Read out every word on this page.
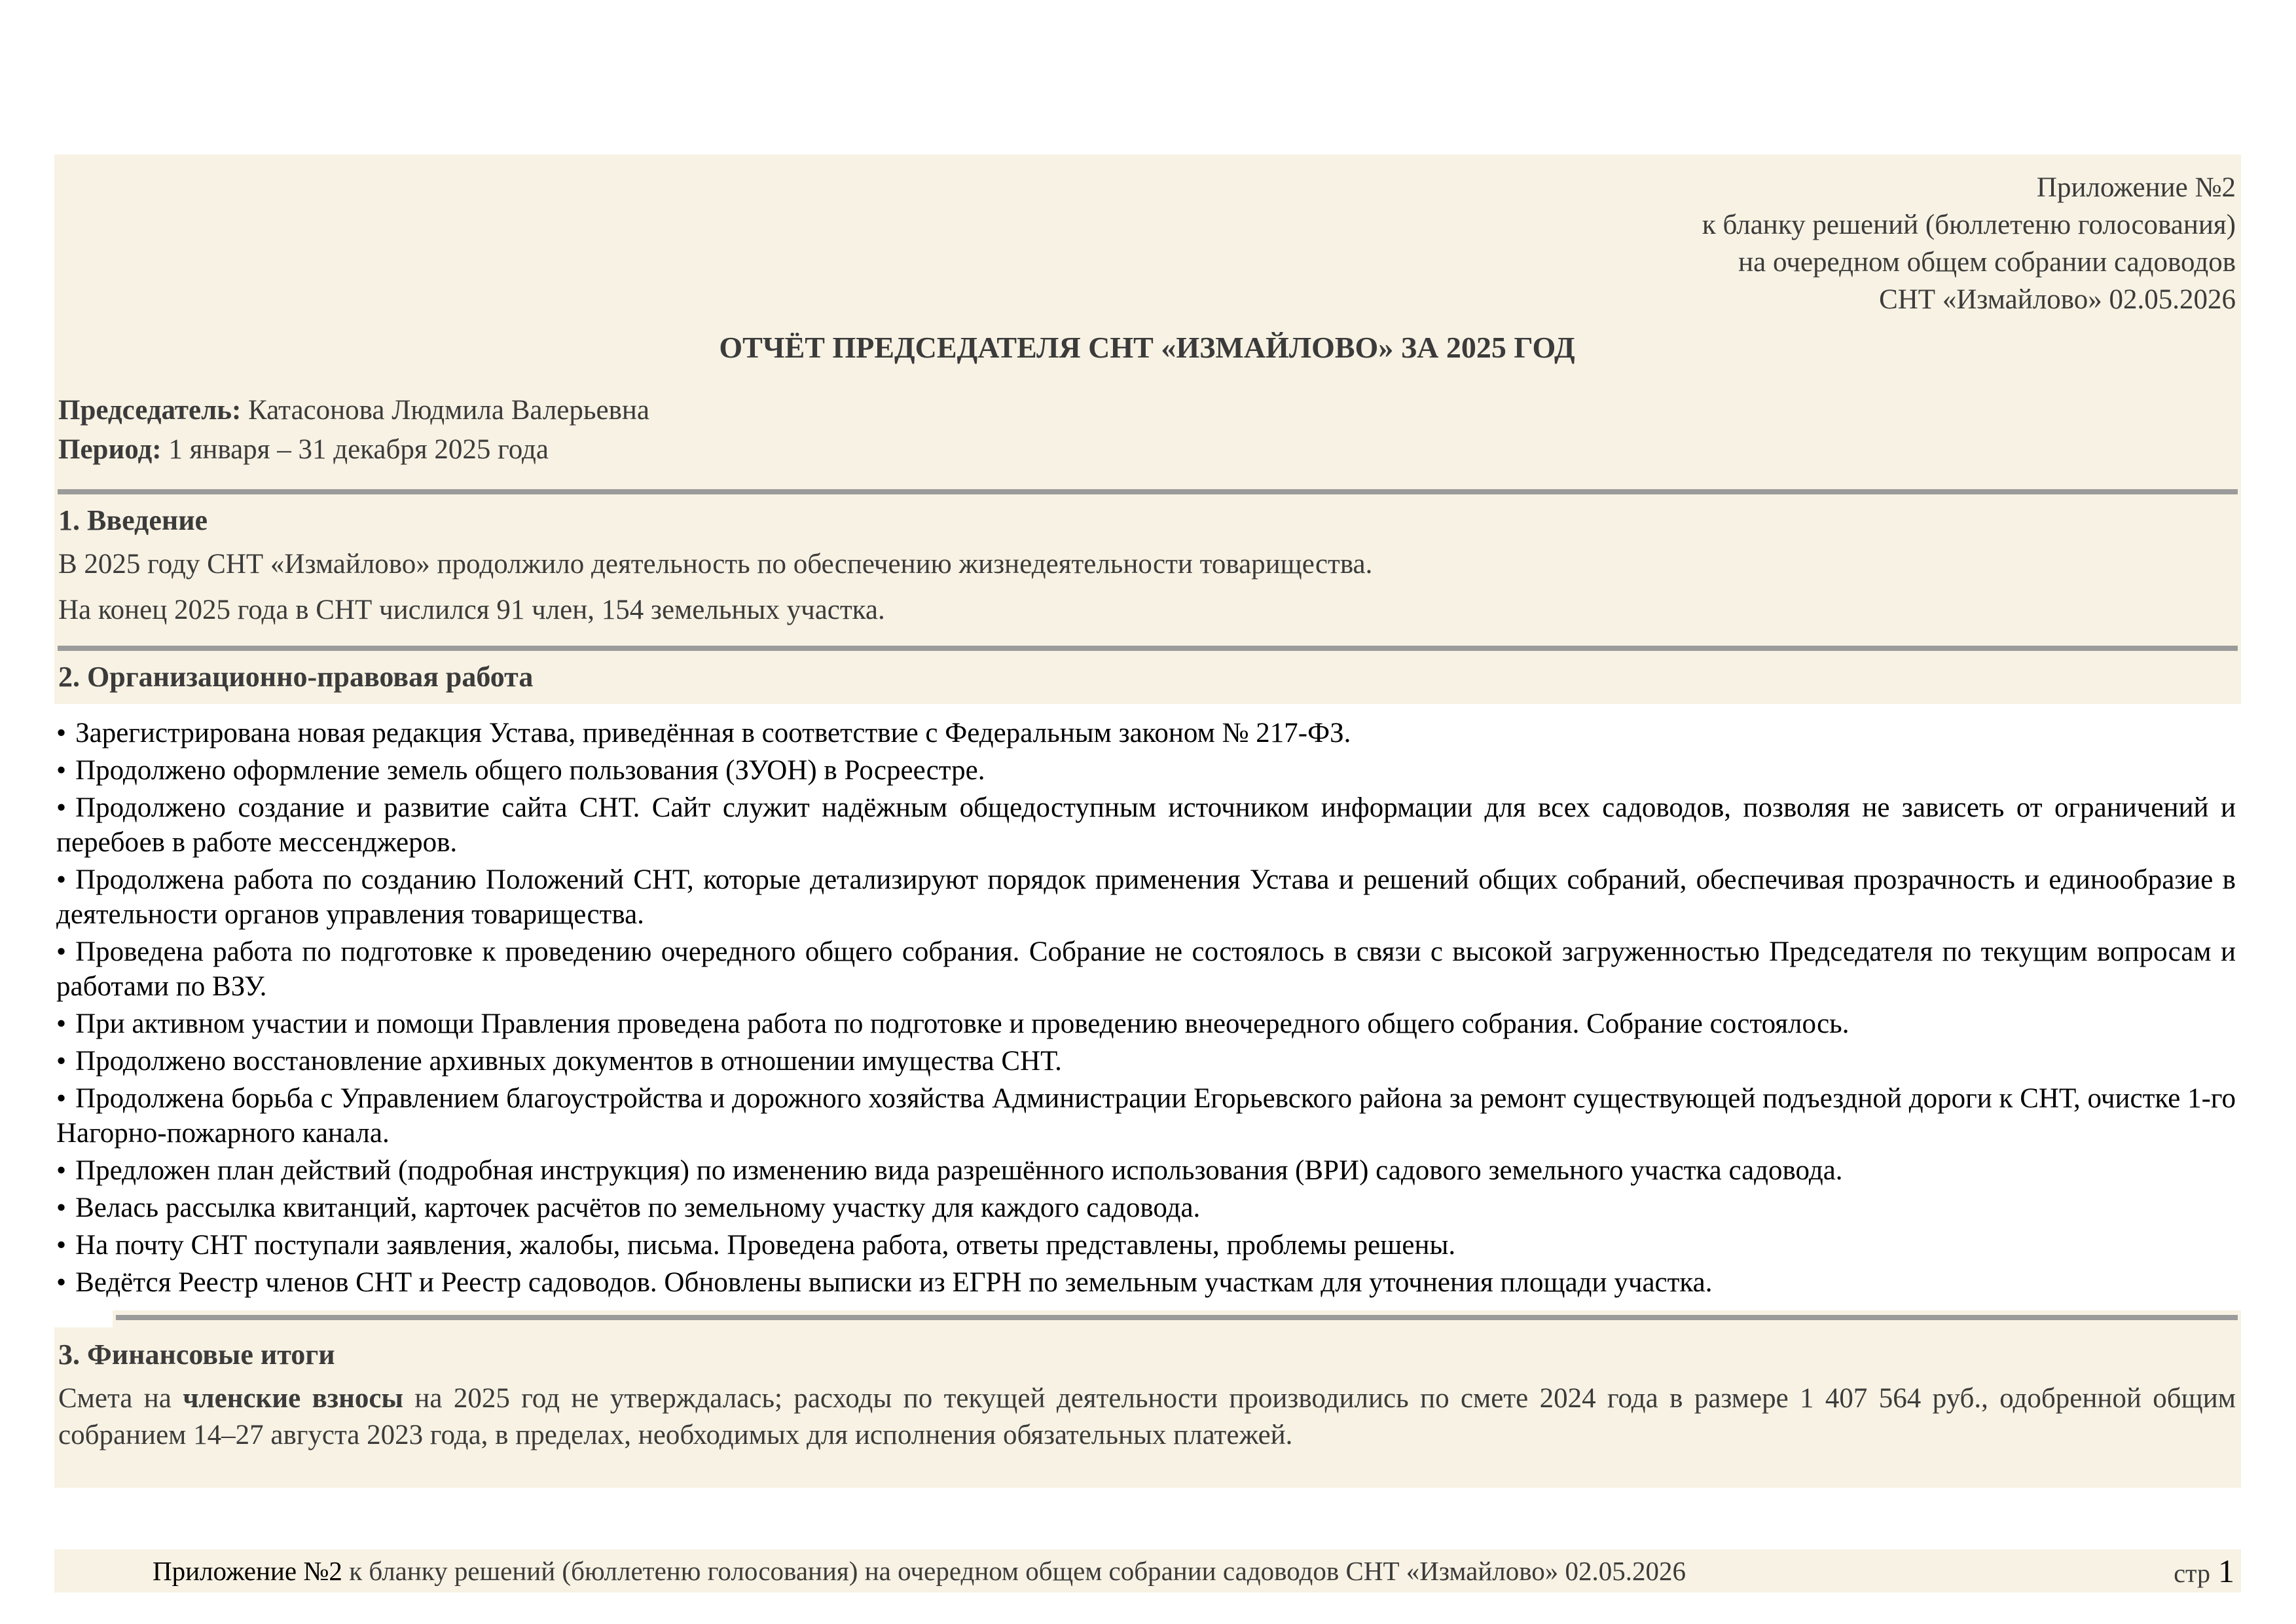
Приложение №2
к бланку решений (бюллетеню голосования)
на очередном общем собрании садоводов
СНТ «Измайлово» 02.05.2026
ОТЧЁТ ПРЕДСЕДАТЕЛЯ СНТ «ИЗМАЙЛОВО» ЗА 2025 ГОД

Председатель: Катасонова Людмила Валерьевна

Период: 1 января – 31 декабря 2025 года

1. Введение

В 2025 году СНТ «Измайлово» продолжило деятельность по обеспечению жизнедеятельности товарищества.

На конец 2025 года в СНТ числился 91 член, 154 земельных участка.

2. Организационно-правовая работа

• Зарегистрирована новая редакция Устава, приведённая в соответствие с Федеральным законом № 217-ФЗ.

• Продолжено оформление земель общего пользования (ЗУОН) в Росреестре.

• Продолжено создание и развитие сайта СНТ. Сайт служит надёжным общедоступным источником информации для всех садоводов, позволяя не зависеть от ограничений и перебоев в работе мессенджеров.

• Продолжена работа по созданию Положений СНТ, которые детализируют порядок применения Устава и решений общих собраний, обеспечивая прозрачность и единообразие в деятельности органов управления товарищества.

• Проведена работа по подготовке к проведению очередного общего собрания. Собрание не состоялось в связи с высокой загруженностью Председателя по текущим вопросам и работами по ВЗУ.

• При активном участии и помощи Правления проведена работа по подготовке и проведению внеочередного общего собрания. Собрание состоялось.

• Продолжено восстановление архивных документов в отношении имущества СНТ.

• Продолжена борьба с Управлением благоустройства и дорожного хозяйства Администрации Егорьевского района за ремонт существующей подъездной дороги к СНТ, очистке 1-го Нагорно-пожарного канала.

• Предложен план действий (подробная инструкция) по изменению вида разрешённого использования (ВРИ) садового земельного участка садовода.

• Велась рассылка квитанций, карточек расчётов по земельному участку для каждого садовода.

• На почту СНТ поступали заявления, жалобы, письма. Проведена работа, ответы представлены, проблемы решены.

• Ведётся Реестр членов СНТ и Реестр садоводов. Обновлены выписки из ЕГРН по земельным участкам для уточнения площади участка.

3. Финансовые итоги

Смета на членские взносы на 2025 год не утверждалась; расходы по текущей деятельности производились по смете 2024 года в размере 1 407 564 руб., одобренной общим собранием 14–27 августа 2023 года, в пределах, необходимых для исполнения обязательных платежей.

Приложение №2 к бланку решений (бюллетеню голосования) на очередном общем собрании садоводов СНТ «Измайлово» 02.05.2026	стр 1
